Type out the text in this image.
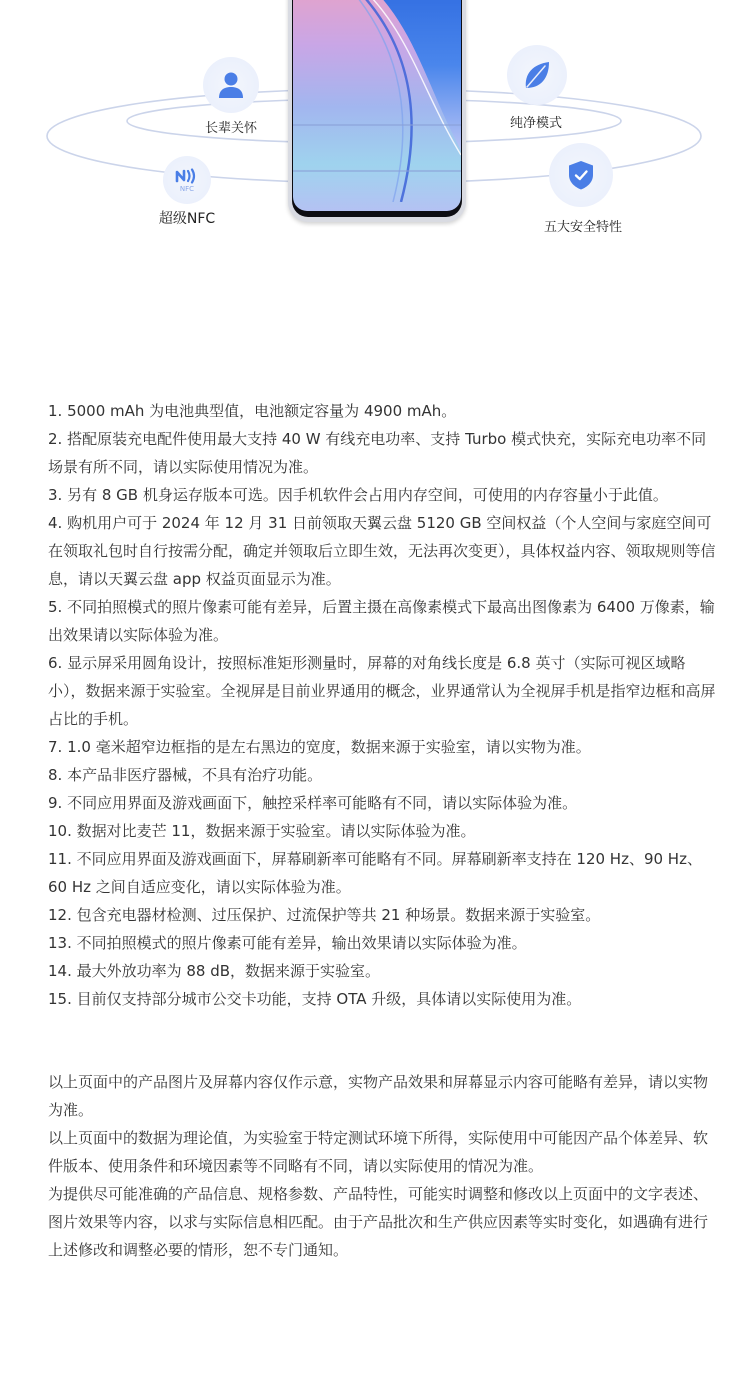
长辈关怀
NFC
超级NFC
纯净模式
五大安全特性

1. 5000 mAh 为电池典型值，电池额定容量为 4900 mAh。

2. 搭配原装充电配件使用最大支持 40 W 有线充电功率、支持 Turbo 模式快充，实际充电功率不同场景有所不同，请以实际使用情况为准。

3. 另有 8 GB 机身运存版本可选。因手机软件会占用内存空间，可使用的内存容量小于此值。

4. 购机用户可于 2024 年 12 月 31 日前领取天翼云盘 5120 GB 空间权益（个人空间与家庭空间可在领取礼包时自行按需分配，确定并领取后立即生效，无法再次变更），具体权益内容、领取规则等信息，请以天翼云盘 app 权益页面显示为准。

5. 不同拍照模式的照片像素可能有差异，后置主摄在高像素模式下最高出图像素为 6400 万像素，输出效果请以实际体验为准。

6. 显示屏采用圆角设计，按照标准矩形测量时，屏幕的对角线长度是 6.8 英寸（实际可视区域略小），数据来源于实验室。全视屏是目前业界通用的概念，业界通常认为全视屏手机是指窄边框和高屏占比的手机。

7. 1.0 毫米超窄边框指的是左右黑边的宽度，数据来源于实验室，请以实物为准。

8. 本产品非医疗器械，不具有治疗功能。

9. 不同应用界面及游戏画面下，触控采样率可能略有不同，请以实际体验为准。

10. 数据对比麦芒 11，数据来源于实验室。请以实际体验为准。

11. 不同应用界面及游戏画面下，屏幕刷新率可能略有不同。屏幕刷新率支持在 120 Hz、90 Hz、60 Hz 之间自适应变化，请以实际体验为准。

12. 包含充电器材检测、过压保护、过流保护等共 21 种场景。数据来源于实验室。

13. 不同拍照模式的照片像素可能有差异，输出效果请以实际体验为准。

14. 最大外放功率为 88 dB，数据来源于实验室。

15. 目前仅支持部分城市公交卡功能，支持 OTA 升级，具体请以实际使用为准。

以上页面中的产品图片及屏幕内容仅作示意，实物产品效果和屏幕显示内容可能略有差异，请以实物为准。

以上页面中的数据为理论值，为实验室于特定测试环境下所得，实际使用中可能因产品个体差异、软件版本、使用条件和环境因素等不同略有不同，请以实际使用的情况为准。

为提供尽可能准确的产品信息、规格参数、产品特性，可能实时调整和修改以上页面中的文字表述、图片效果等内容，以求与实际信息相匹配。由于产品批次和生产供应因素等实时变化，如遇确有进行上述修改和调整必要的情形，恕不专门通知。
